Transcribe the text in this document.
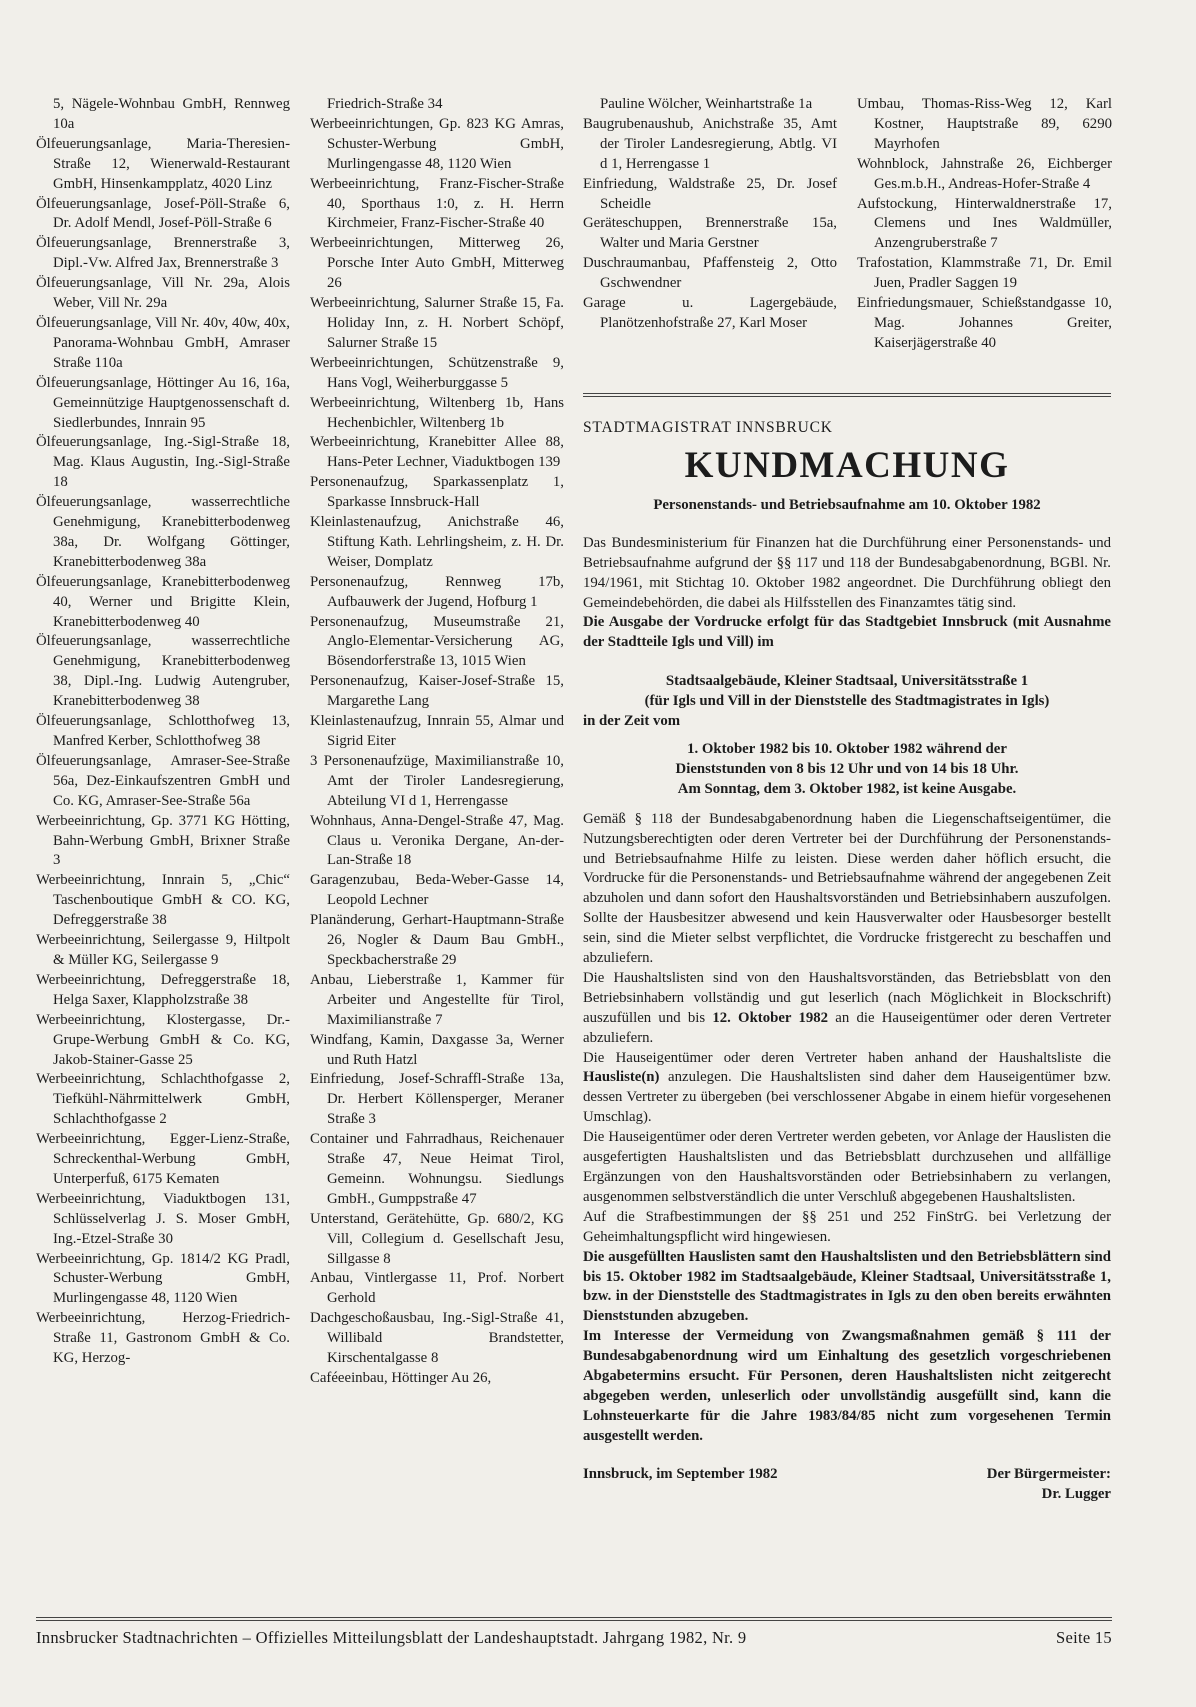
5, Nägele-Wohnbau GmbH, Rennweg 10a

Ölfeuerungsanlage, Maria-Theresien-Straße 12, Wienerwald-Restaurant GmbH, Hinsenkampplatz, 4020 Linz

Ölfeuerungsanlage, Josef-Pöll-Straße 6, Dr. Adolf Mendl, Josef-Pöll-Straße 6

Ölfeuerungsanlage, Brennerstraße 3, Dipl.-Vw. Alfred Jax, Brennerstraße 3

Ölfeuerungsanlage, Vill Nr. 29a, Alois Weber, Vill Nr. 29a

Ölfeuerungsanlage, Vill Nr. 40v, 40w, 40x, Panorama-Wohnbau GmbH, Amraser Straße 110a

Ölfeuerungsanlage, Höttinger Au 16, 16a, Gemeinnützige Hauptgenossenschaft d. Siedlerbundes, Innrain 95

Ölfeuerungsanlage, Ing.-Sigl-Straße 18, Mag. Klaus Augustin, Ing.-Sigl-Straße 18

Ölfeuerungsanlage, wasserrechtliche Genehmigung, Kranebitterbodenweg 38a, Dr. Wolfgang Göttinger, Kranebitterbodenweg 38a

Ölfeuerungsanlage, Kranebitterbodenweg 40, Werner und Brigitte Klein, Kranebitterbodenweg 40

Ölfeuerungsanlage, wasserrechtliche Genehmigung, Kranebitterbodenweg 38, Dipl.-Ing. Ludwig Autengruber, Kranebitterbodenweg 38

Ölfeuerungsanlage, Schlotthofweg 13, Manfred Kerber, Schlotthofweg 38

Ölfeuerungsanlage, Amraser-See-Straße 56a, Dez-Einkaufszentren GmbH und Co. KG, Amraser-See-Straße 56a

Werbeeinrichtung, Gp. 3771 KG Hötting, Bahn-Werbung GmbH, Brixner Straße 3

Werbeeinrichtung, Innrain 5, „Chic“ Taschenboutique GmbH & CO. KG, Defreggerstraße 38

Werbeeinrichtung, Seilergasse 9, Hiltpolt & Müller KG, Seilergasse 9

Werbeeinrichtung, Defreggerstraße 18, Helga Saxer, Klappholzstraße 38

Werbeeinrichtung, Klostergasse, Dr.-Grupe-Werbung GmbH & Co. KG, Jakob-Stainer-Gasse 25

Werbeeinrichtung, Schlachthofgasse 2, Tiefkühl-Nährmittelwerk GmbH, Schlachthofgasse 2

Werbeeinrichtung, Egger-Lienz-Straße, Schreckenthal-Werbung GmbH, Unterperfuß, 6175 Kematen

Werbeeinrichtung, Viaduktbogen 131, Schlüsselverlag J. S. Moser GmbH, Ing.-Etzel-Straße 30

Werbeeinrichtung, Gp. 1814/2 KG Pradl, Schuster-Werbung GmbH, Murlingengasse 48, 1120 Wien

Werbeeinrichtung, Herzog-Friedrich-Straße 11, Gastronom GmbH & Co. KG, Herzog-

Friedrich-Straße 34

Werbeeinrichtungen, Gp. 823 KG Amras, Schuster-Werbung GmbH, Murlingengasse 48, 1120 Wien

Werbeeinrichtung, Franz-Fischer-Straße 40, Sporthaus 1:0, z. H. Herrn Kirchmeier, Franz-Fischer-Straße 40

Werbeeinrichtungen, Mitterweg 26, Porsche Inter Auto GmbH, Mitterweg 26

Werbeeinrichtung, Salurner Straße 15, Fa. Holiday Inn, z. H. Norbert Schöpf, Salurner Straße 15

Werbeeinrichtungen, Schützenstraße 9, Hans Vogl, Weiherburggasse 5

Werbeeinrichtung, Wiltenberg 1b, Hans Hechenbichler, Wiltenberg 1b

Werbeeinrichtung, Kranebitter Allee 88, Hans-Peter Lechner, Viaduktbogen 139

Personenaufzug, Sparkassenplatz 1, Sparkasse Innsbruck-Hall

Kleinlastenaufzug, Anichstraße 46, Stiftung Kath. Lehrlingsheim, z. H. Dr. Weiser, Domplatz

Personenaufzug, Rennweg 17b, Aufbauwerk der Jugend, Hofburg 1

Personenaufzug, Museumstraße 21, Anglo-Elementar-Versicherung AG, Bösendorferstraße 13, 1015 Wien

Personenaufzug, Kaiser-Josef-Straße 15, Margarethe Lang

Kleinlastenaufzug, Innrain 55, Almar und Sigrid Eiter

3 Personenaufzüge, Maximilianstraße 10, Amt der Tiroler Landesregierung, Abteilung VI d 1, Herrengasse

Wohnhaus, Anna-Dengel-Straße 47, Mag. Claus u. Veronika Dergane, An-der-Lan-Straße 18

Garagenzubau, Beda-Weber-Gasse 14, Leopold Lechner

Planänderung, Gerhart-Hauptmann-Straße 26, Nogler & Daum Bau GmbH., Speckbacherstraße 29

Anbau, Lieberstraße 1, Kammer für Arbeiter und Angestellte für Tirol, Maximilianstraße 7

Windfang, Kamin, Daxgasse 3a, Werner und Ruth Hatzl

Einfriedung, Josef-Schraffl-Straße 13a, Dr. Herbert Köllensperger, Meraner Straße 3

Container und Fahrradhaus, Reichenauer Straße 47, Neue Heimat Tirol, Gemeinn. Wohnungsu. Siedlungs GmbH., Gumppstraße 47

Unterstand, Gerätehütte, Gp. 680/2, KG Vill, Collegium d. Gesellschaft Jesu, Sillgasse 8

Anbau, Vintlergasse 11, Prof. Norbert Gerhold

Dachgeschoßausbau, Ing.-Sigl-Straße 41, Willibald Brandstetter, Kirschentalgasse 8

Caféeeinbau, Höttinger Au 26,

Pauline Wölcher, Weinhartstraße 1a

Baugrubenaushub, Anichstraße 35, Amt der Tiroler Landesregierung, Abtlg. VI d 1, Herrengasse 1

Einfriedung, Waldstraße 25, Dr. Josef Scheidle

Geräteschuppen, Brennerstraße 15a, Walter und Maria Gerstner

Duschraumanbau, Pfaffensteig 2, Otto Gschwendner

Garage u. Lagergebäude, Planötzenhofstraße 27, Karl Moser

Umbau, Thomas-Riss-Weg 12, Karl Kostner, Hauptstraße 89, 6290 Mayrhofen

Wohnblock, Jahnstraße 26, Eichberger Ges.m.b.H., Andreas-Hofer-Straße 4

Aufstockung, Hinterwaldnerstraße 17, Clemens und Ines Waldmüller, Anzengruberstraße 7

Trafostation, Klammstraße 71, Dr. Emil Juen, Pradler Saggen 19

Einfriedungsmauer, Schießstandgasse 10, Mag. Johannes Greiter, Kaiserjägerstraße 40

STADTMAGISTRAT INNSBRUCK
KUNDMACHUNG
Personenstands- und Betriebsaufnahme am 10. Oktober 1982

Das Bundesministerium für Finanzen hat die Durchführung einer Personenstands- und Betriebsaufnahme aufgrund der §§ 117 und 118 der Bundesabgabenordnung, BGBl. Nr. 194/1961, mit Stichtag 10. Oktober 1982 angeordnet. Die Durchführung obliegt den Gemeindebehörden, die dabei als Hilfsstellen des Finanzamtes tätig sind.

Die Ausgabe der Vordrucke erfolgt für das Stadtgebiet Innsbruck (mit Ausnahme der Stadtteile Igls und Vill) im

Stadtsaalgebäude, Kleiner Stadtsaal, Universitätsstraße 1

(für Igls und Vill in der Dienststelle des Stadtmagistrates in Igls)

in der Zeit vom

1. Oktober 1982 bis 10. Oktober 1982 während der

Dienststunden von 8 bis 12 Uhr und von 14 bis 18 Uhr.

Am Sonntag, dem 3. Oktober 1982, ist keine Ausgabe.

Gemäß § 118 der Bundesabgabenordnung haben die Liegenschaftseigentümer, die Nutzungsberechtigten oder deren Vertreter bei der Durchführung der Personenstands- und Betriebsaufnahme Hilfe zu leisten. Diese werden daher höflich ersucht, die Vordrucke für die Personenstands- und Betriebsaufnahme während der angegebenen Zeit abzuholen und dann sofort den Haushaltsvorständen und Betriebsinhabern auszufolgen. Sollte der Hausbesitzer abwesend und kein Hausverwalter oder Hausbesorger bestellt sein, sind die Mieter selbst verpflichtet, die Vordrucke fristgerecht zu beschaffen und abzuliefern.

Die Haushaltslisten sind von den Haushaltsvorständen, das Betriebsblatt von den Betriebsinhabern vollständig und gut leserlich (nach Möglichkeit in Blockschrift) auszufüllen und bis 12. Oktober 1982 an die Hauseigentümer oder deren Vertreter abzuliefern.

Die Hauseigentümer oder deren Vertreter haben anhand der Haushaltsliste die Hausliste(n) anzulegen. Die Haushaltslisten sind daher dem Hauseigentümer bzw. dessen Vertreter zu übergeben (bei verschlossener Abgabe in einem hiefür vorgesehenen Umschlag).

Die Hauseigentümer oder deren Vertreter werden gebeten, vor Anlage der Hauslisten die ausgefertigten Haushaltslisten und das Betriebsblatt durchzusehen und allfällige Ergänzungen von den Haushaltsvorständen oder Betriebsinhabern zu verlangen, ausgenommen selbstverständlich die unter Verschluß abgegebenen Haushaltslisten.

Auf die Strafbestimmungen der §§ 251 und 252 FinStrG. bei Verletzung der Geheimhaltungspflicht wird hingewiesen.

Die ausgefüllten Hauslisten samt den Haushaltslisten und den Betriebsblättern sind bis 15. Oktober 1982 im Stadtsaalgebäude, Kleiner Stadtsaal, Universitätsstraße 1, bzw. in der Dienststelle des Stadtmagistrates in Igls zu den oben bereits erwähnten Dienststunden abzugeben.

Im Interesse der Vermeidung von Zwangsmaßnahmen gemäß § 111 der Bundesabgabenordnung wird um Einhaltung des gesetzlich vorgeschriebenen Abgabetermins ersucht. Für Personen, deren Haushaltslisten nicht zeitgerecht abgegeben werden, unleserlich oder unvollständig ausgefüllt sind, kann die Lohnsteuerkarte für die Jahre 1983/84/85 nicht zum vorgesehenen Termin ausgestellt werden.

Innsbruck, im September 1982	Der Bürgermeister:
Dr. Lugger
Innsbrucker Stadtnachrichten – Offizielles Mitteilungsblatt der Landeshauptstadt. Jahrgang 1982, Nr. 9	Seite 15
